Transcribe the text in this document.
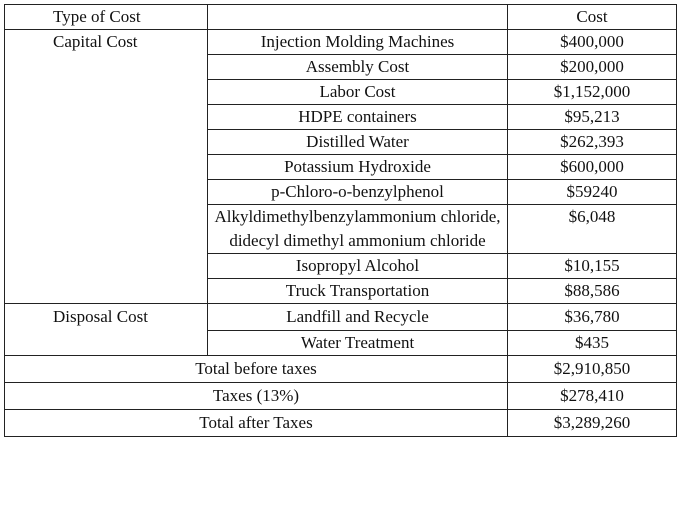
Type of Cost		Cost
Capital Cost	Injection Molding Machines	$400,000
	Assembly Cost	$200,000
	Labor Cost	$1,152,000
	HDPE containers	$95,213
	Distilled Water	$262,393
	Potassium Hydroxide	$600,000
	p-Chloro-o-benzylphenol	$59240
	Alkyldimethylbenzylammonium chloride, didecyl dimethyl ammonium chloride	$6,048
	Isopropyl Alcohol	$10,155
	Truck Transportation	$88,586
Disposal Cost	Landfill and Recycle	$36,780
	Water Treatment	$435
Total before taxes		$2,910,850
Taxes (13%)		$278,410
Total after Taxes		$3,289,260
